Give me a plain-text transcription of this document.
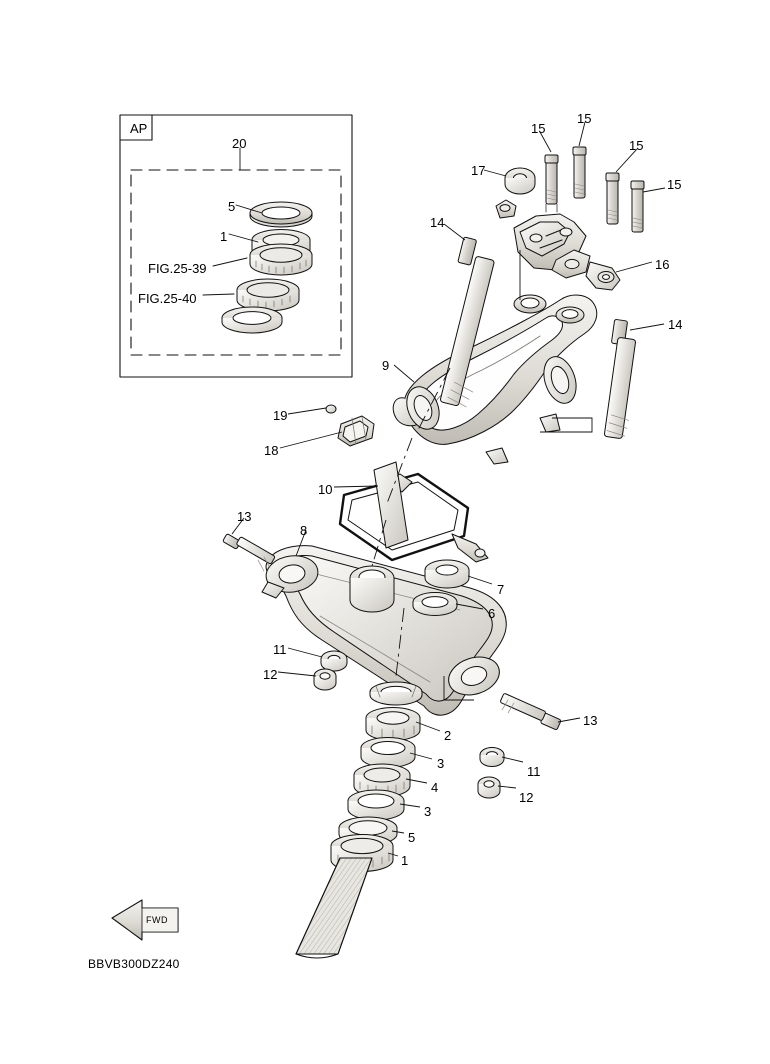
AP
20
5
1
FIG.25-39
FIG.25-40
15
15
15
15
17
14
16
14
9
19
18
10
13
8
7
6
11
12
2
13
3
11
4
12
3
5
1
FWD
BBVB300DZ240
